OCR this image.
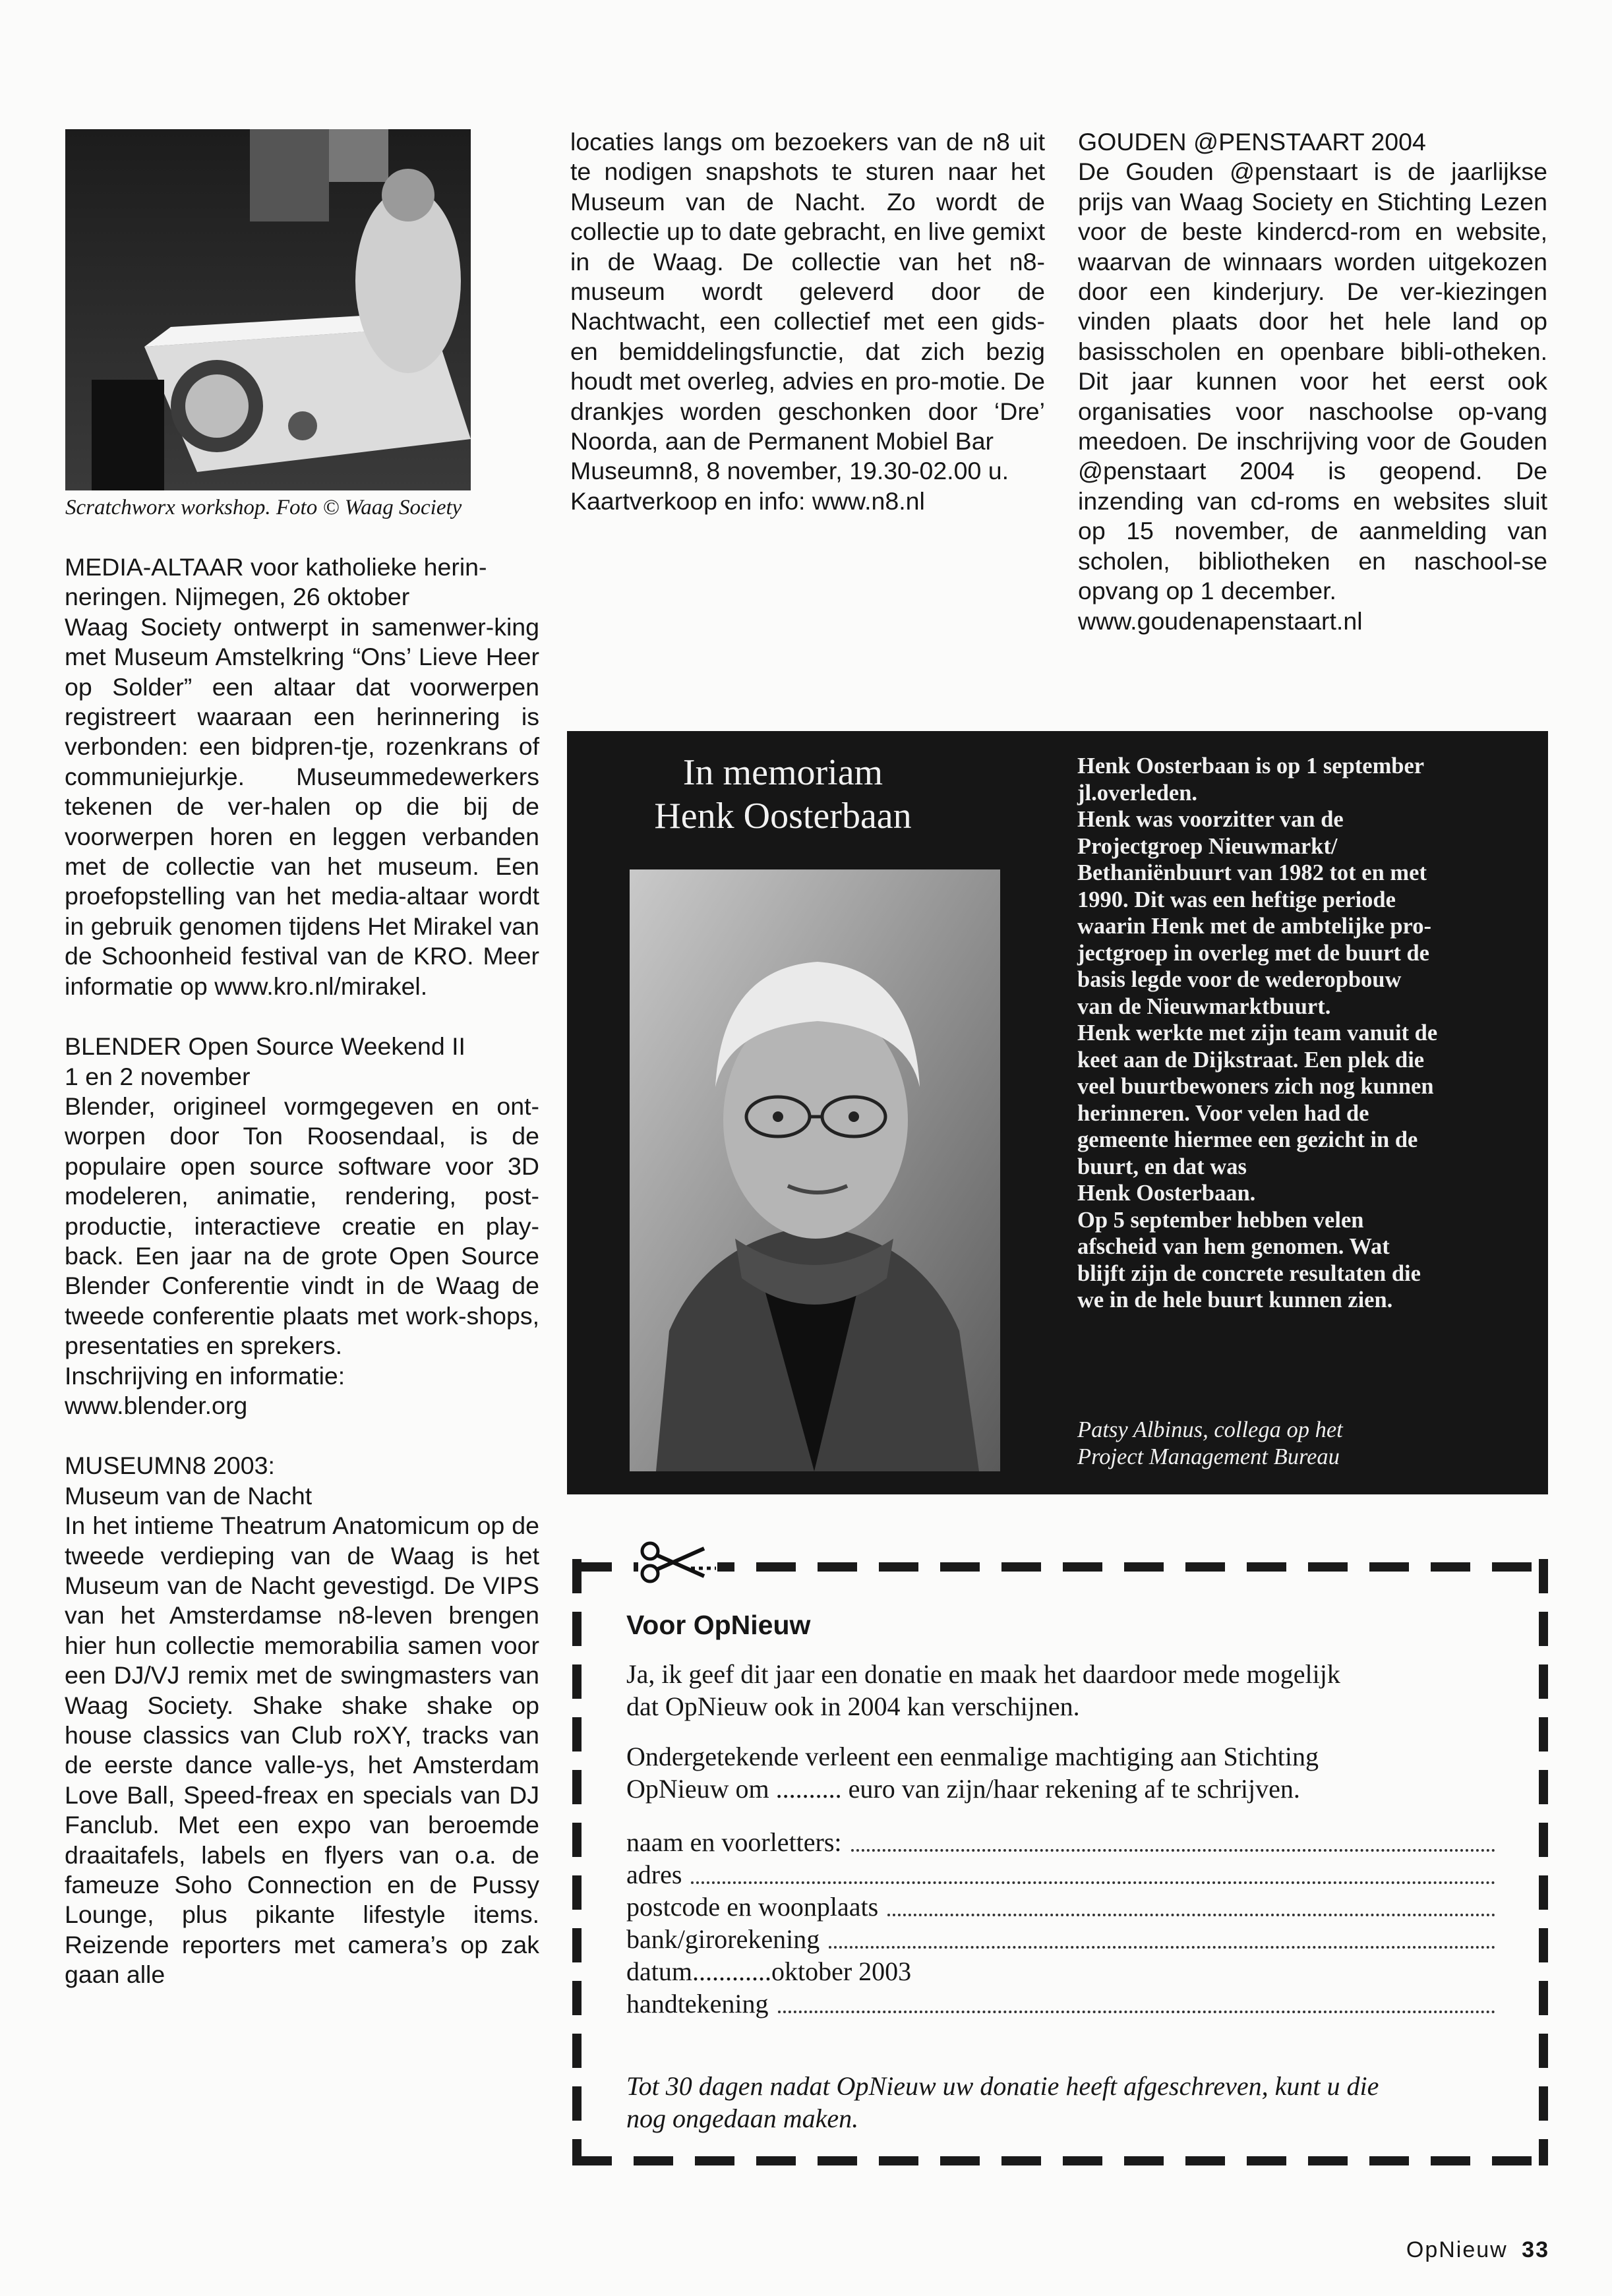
Scratchworx workshop. Foto © Waag Society
MEDIA-ALTAAR voor katholieke herin-
neringen. Nijmegen, 26 oktober
Waag Society ontwerpt in samenwer-king met Museum Amstelkring “Ons’ Lieve Heer op Solder” een altaar dat voorwerpen registreert waaraan een herinnering is verbonden: een bidpren-tje, rozenkrans of communiejurkje. Museummedewerkers tekenen de ver-halen op die bij de voorwerpen horen en leggen verbanden met de collectie van het museum. Een proefopstelling van het media-altaar wordt in gebruik genomen tijdens Het Mirakel van de Schoonheid festival van de KRO. Meer informatie op www.kro.nl/mirakel.
BLENDER Open Source Weekend II
1 en 2 november
Blender, origineel vormgegeven en ont-worpen door Ton Roosendaal, is de populaire open source software voor 3D modeleren, animatie, rendering, post-productie, interactieve creatie en play-back. Een jaar na de grote Open Source Blender Conferentie vindt in de Waag de tweede conferentie plaats met work-shops, presentaties en sprekers.
Inschrijving en informatie:
www.blender.org
MUSEUMN8 2003:
Museum van de Nacht
In het intieme Theatrum Anatomicum op de tweede verdieping van de Waag is het Museum van de Nacht gevestigd. De VIPS van het Amsterdamse n8-leven brengen hier hun collectie memorabilia samen voor een DJ/VJ remix met de swingmasters van Waag Society. Shake shake shake op house classics van Club roXY, tracks van de eerste dance valle-ys, het Amsterdam Love Ball, Speed-freax en specials van DJ Fanclub. Met een expo van beroemde draaitafels, labels en flyers van o.a. de fameuze Soho Connection en de Pussy Lounge, plus pikante lifestyle items. Reizende reporters met camera’s op zak gaan alle
locaties langs om bezoekers van de n8 uit te nodigen snapshots te sturen naar het Museum van de Nacht. Zo wordt de collectie up to date gebracht, en live gemixt in de Waag. De collectie van het n8-museum wordt geleverd door de Nachtwacht, een collectief met een gids- en bemiddelingsfunctie, dat zich bezig houdt met overleg, advies en pro-motie. De drankjes worden geschonken door ‘Dre’ Noorda, aan de Permanent Mobiel Bar
Museumn8, 8 november, 19.30-02.00 u.
Kaartverkoop en info: www.n8.nl
GOUDEN @PENSTAART 2004
De Gouden @penstaart is de jaarlijkse prijs van Waag Society en Stichting Lezen voor de beste kindercd-rom en website, waarvan de winnaars worden uitgekozen door een kinderjury. De ver-kiezingen vinden plaats door het hele land op basisscholen en openbare bibli-otheken. Dit jaar kunnen voor het eerst ook organisaties voor naschoolse op-vang meedoen. De inschrijving voor de Gouden @penstaart 2004 is geopend. De inzending van cd-roms en websites sluit op 15 november, de aanmelding van scholen, bibliotheken en naschool-se opvang op 1 december.
www.goudenapenstaart.nl
In memoriam
Henk Oosterbaan
Henk Oosterbaan is op 1 september
jl.overleden.
Henk was voorzitter van de
Projectgroep Nieuwmarkt/
Bethaniënbuurt van 1982 tot en met
1990. Dit was een heftige periode
waarin Henk met de ambtelijke pro-
jectgroep in overleg met de buurt de
basis legde voor de wederopbouw
van de Nieuwmarktbuurt.
Henk werkte met zijn team vanuit de
keet aan de Dijkstraat. Een plek die
veel buurtbewoners zich nog kunnen
herinneren. Voor velen had de
gemeente hiermee een gezicht in de
buurt, en dat was
Henk Oosterbaan.
Op 5 september hebben velen
afscheid van hem genomen. Wat
blijft zijn de concrete resultaten die
we in de hele buurt kunnen zien.
Patsy Albinus, collega op het
Project Management Bureau
Voor OpNieuw
Ja, ik geef dit jaar een donatie en maak het daardoor mede mogelijk
dat OpNieuw ook in 2004 kan verschijnen.
Ondergetekende verleent een eenmalige machtiging aan Stichting
OpNieuw om .......... euro van zijn/haar rekening af te schrijven.
naam en voorletters:
adres
postcode en woonplaats
bank/girorekening
datum............oktober 2003
handtekening
Tot 30 dagen nadat OpNieuw uw donatie heeft afgeschreven, kunt u die
nog ongedaan maken.
OpNieuw 33
